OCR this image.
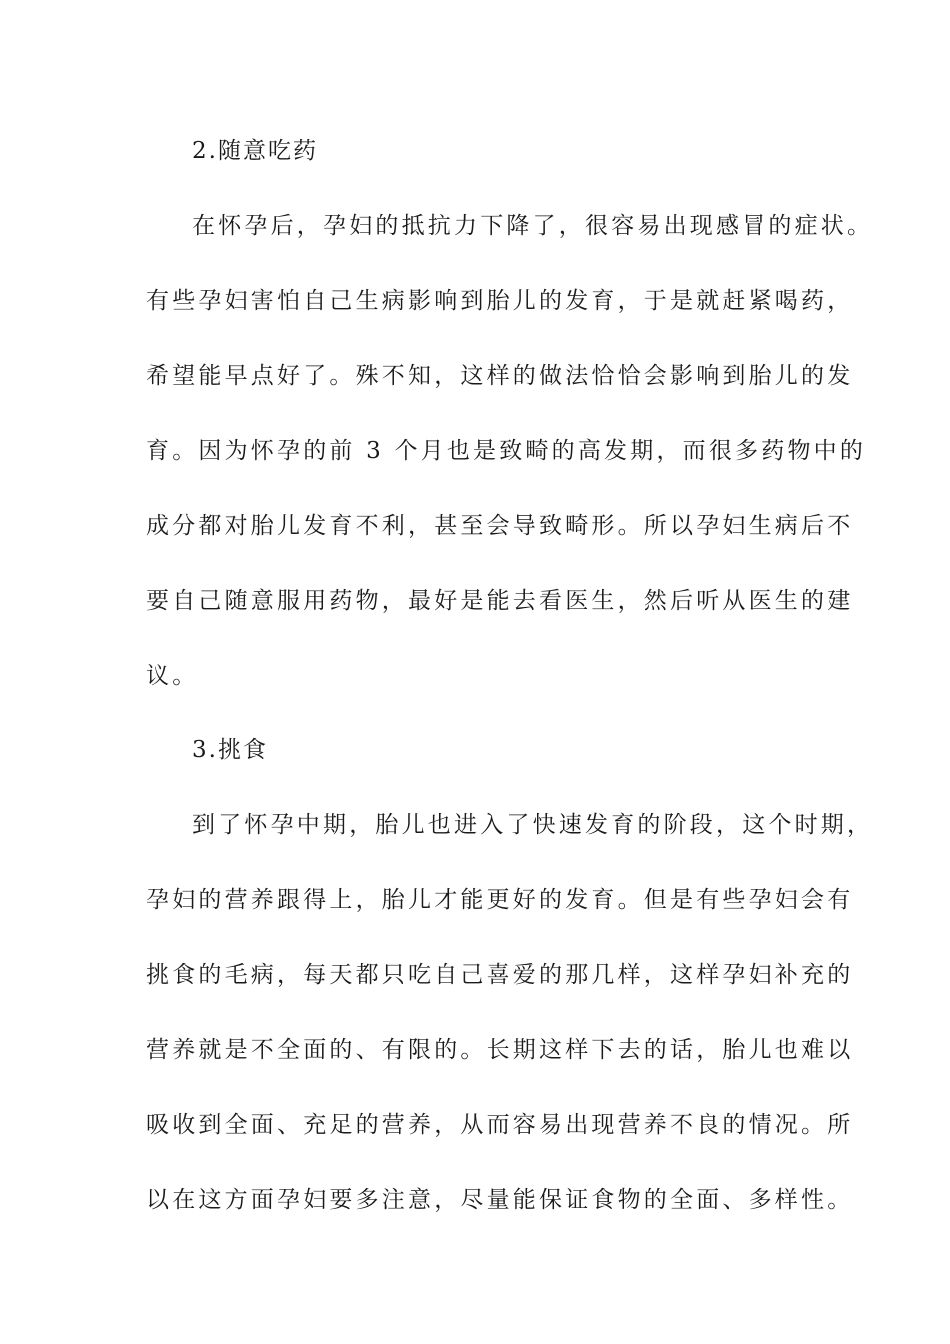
2.随意吃药
在怀孕后，孕妇的抵抗力下降了，很容易出现感冒的症状。
有些孕妇害怕自己生病影响到胎儿的发育，于是就赶紧喝药，
希望能早点好了。殊不知，这样的做法恰恰会影响到胎儿的发
育。因为怀孕的前 3 个月也是致畸的高发期，而很多药物中的
成分都对胎儿发育不利，甚至会导致畸形。所以孕妇生病后不
要自己随意服用药物，最好是能去看医生，然后听从医生的建
议。
3.挑食
到了怀孕中期，胎儿也进入了快速发育的阶段，这个时期，
孕妇的营养跟得上，胎儿才能更好的发育。但是有些孕妇会有
挑食的毛病，每天都只吃自己喜爱的那几样，这样孕妇补充的
营养就是不全面的、有限的。长期这样下去的话，胎儿也难以
吸收到全面、充足的营养，从而容易出现营养不良的情况。所
以在这方面孕妇要多注意，尽量能保证食物的全面、多样性。
